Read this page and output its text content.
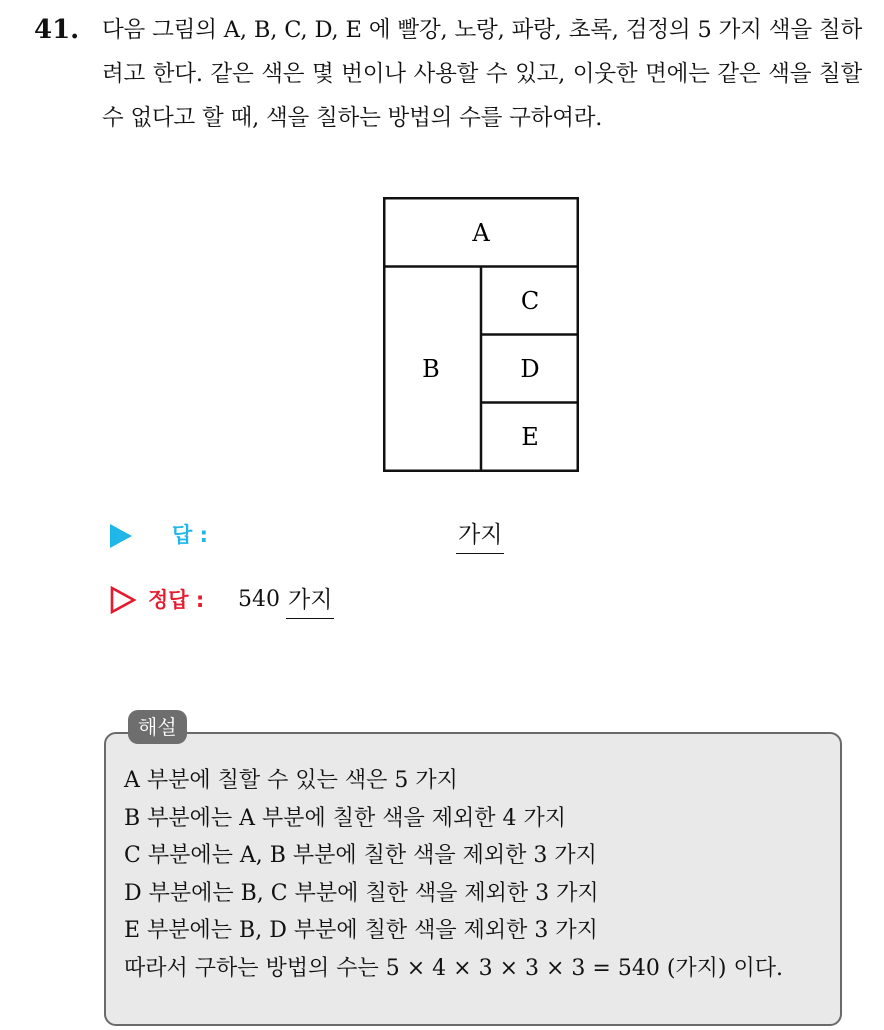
41. 다음 그림의 A, B, C, D, E 에 빨강, 노랑, 파랑, 초록, 검정의 5 가지 색을 칠하려고 한다. 같은 색은 몇 번이나 사용할 수 있고, 이웃한 면에는 같은 색을 칠할 수 없다고 할 때, 색을 칠하는 방법의 수를 구하여라.
A
B
C
D
E
답 :	가지
정답 : 540 가지
해설
A 부분에 칠할 수 있는 색은 5 가지
B 부분에는 A 부분에 칠한 색을 제외한 4 가지
C 부분에는 A, B 부분에 칠한 색을 제외한 3 가지
D 부분에는 B, C 부분에 칠한 색을 제외한 3 가지
E 부분에는 B, D 부분에 칠한 색을 제외한 3 가지
따라서 구하는 방법의 수는 5 × 4 × 3 × 3 × 3 = 540 (가지) 이다.
